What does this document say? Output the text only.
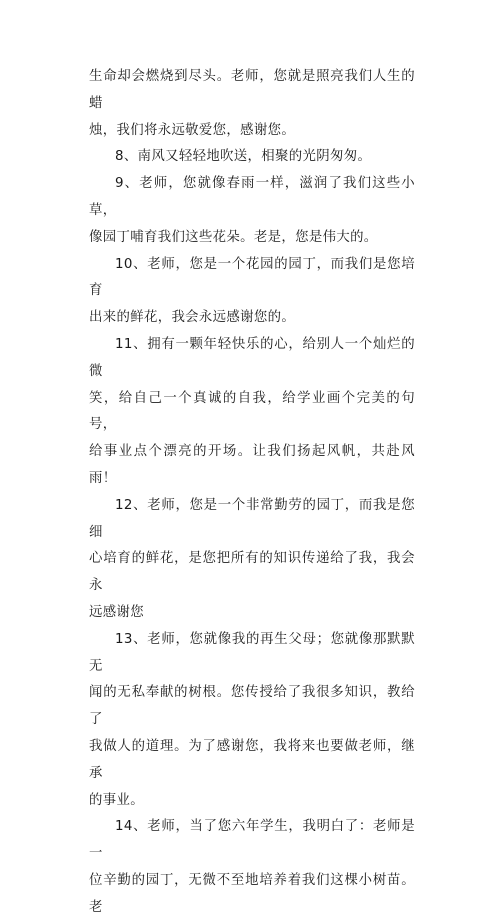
生命却会燃烧到尽头。老师，您就是照亮我们人生的蜡
烛，我们将永远敬爱您，感谢您。
8、南风又轻轻地吹送，相聚的光阴匆匆。
9、老师，您就像春雨一样，滋润了我们这些小草，
像园丁哺育我们这些花朵。老是，您是伟大的。
10、老师，您是一个花园的园丁，而我们是您培育
出来的鲜花，我会永远感谢您的。
11、拥有一颗年轻快乐的心，给别人一个灿烂的微
笑，给自己一个真诚的自我，给学业画个完美的句号，
给事业点个漂亮的开场。让我们扬起风帆，共赴风雨！
12、老师，您是一个非常勤劳的园丁，而我是您细
心培育的鲜花，是您把所有的知识传递给了我，我会永
远感谢您
13、老师，您就像我的再生父母；您就像那默默无
闻的无私奉献的树根。您传授给了我很多知识，教给了
我做人的道理。为了感谢您，我将来也要做老师，继承
的事业。
14、老师，当了您六年学生，我明白了：老师是一
位辛勤的园丁，无微不至地培养着我们这棵小树苗。老
